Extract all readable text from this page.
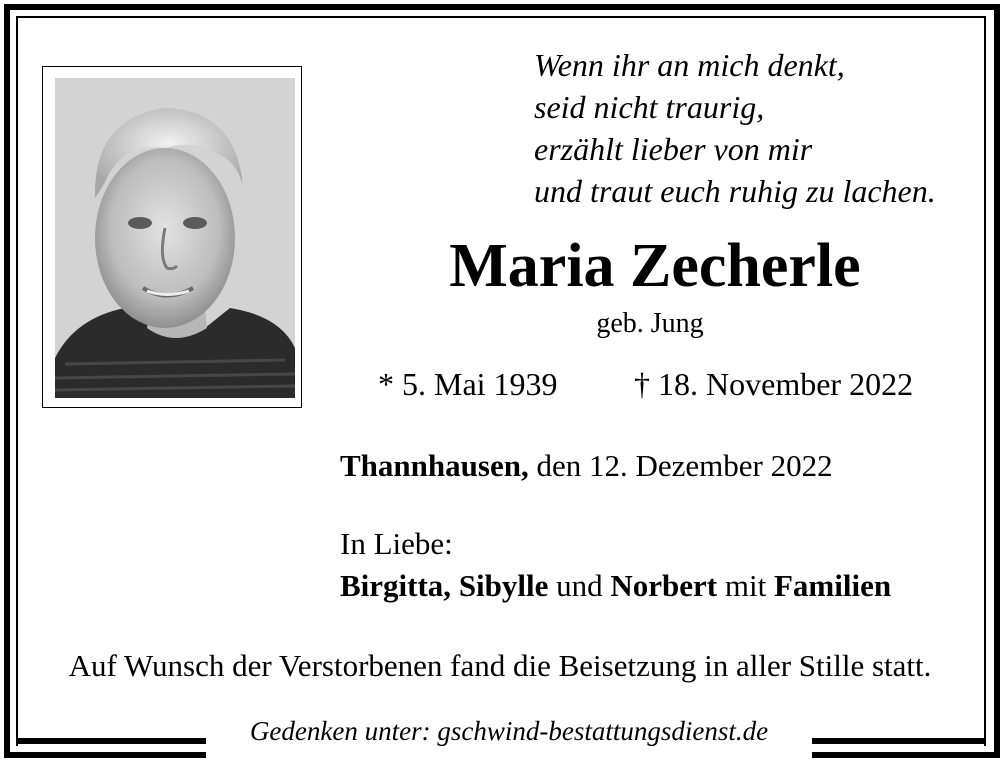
Gedenken unter: gschwind-bestattungsdienst.de
Wenn ihr an mich denkt,
seid nicht traurig,
erzählt lieber von mir
und traut euch ruhig zu lachen.
Maria Zecherle
geb. Jung
* 5. Mai 1939 † 18. November 2022
Thannhausen, den 12. Dezember 2022
In Liebe:
Birgitta, Sibylle und Norbert mit Familien
Auf Wunsch der Verstorbenen fand die Beisetzung in aller Stille statt.
